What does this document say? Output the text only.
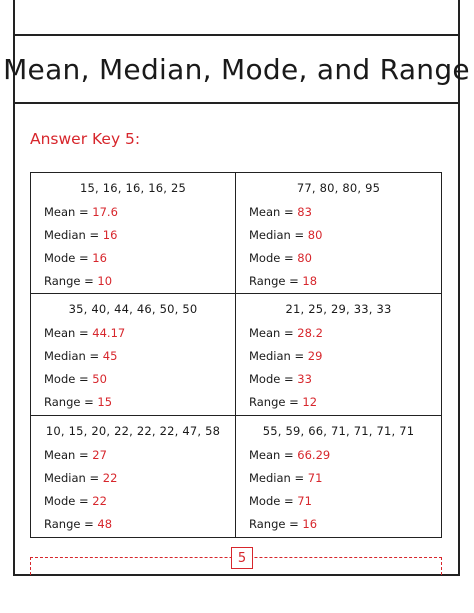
Mean, Median, Mode, and Range
Answer Key 5:
15, 16, 16, 16, 25
Mean = 17.6
Median = 16
Mode = 16
Range = 10
77, 80, 80, 95
Mean = 83
Median = 80
Mode = 80
Range = 18
35, 40, 44, 46, 50, 50
Mean = 44.17
Median = 45
Mode = 50
Range = 15
21, 25, 29, 33, 33
Mean = 28.2
Median = 29
Mode = 33
Range = 12
10, 15, 20, 22, 22, 22, 47, 58
Mean = 27
Median = 22
Mode = 22
Range = 48
55, 59, 66, 71, 71, 71, 71
Mean = 66.29
Median = 71
Mode = 71
Range = 16
5
